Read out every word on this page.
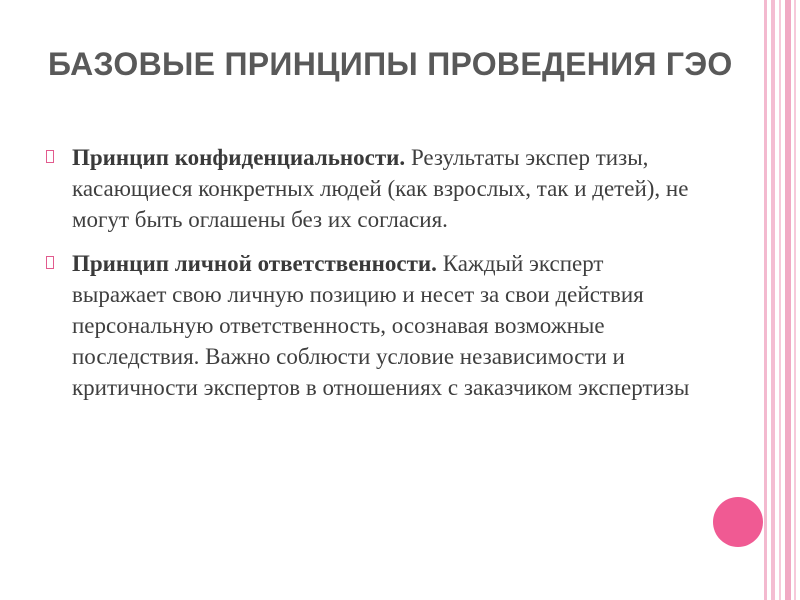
БАЗОВЫЕ ПРИНЦИПЫ ПРОВЕДЕНИЯ ГЭО
Принцип конфиденциальности. Результаты экспер тизы, касающиеся конкретных людей (как взрослых, так и детей), не могут быть оглашены без их согласия.
Принцип личной ответственности. Каждый эксперт выражает свою личную позицию и несет за свои действия персональную ответственность, осознавая возможные последствия. Важно соблюсти условие независимости и критичности экспертов в отношениях с заказчиком экспертизы
